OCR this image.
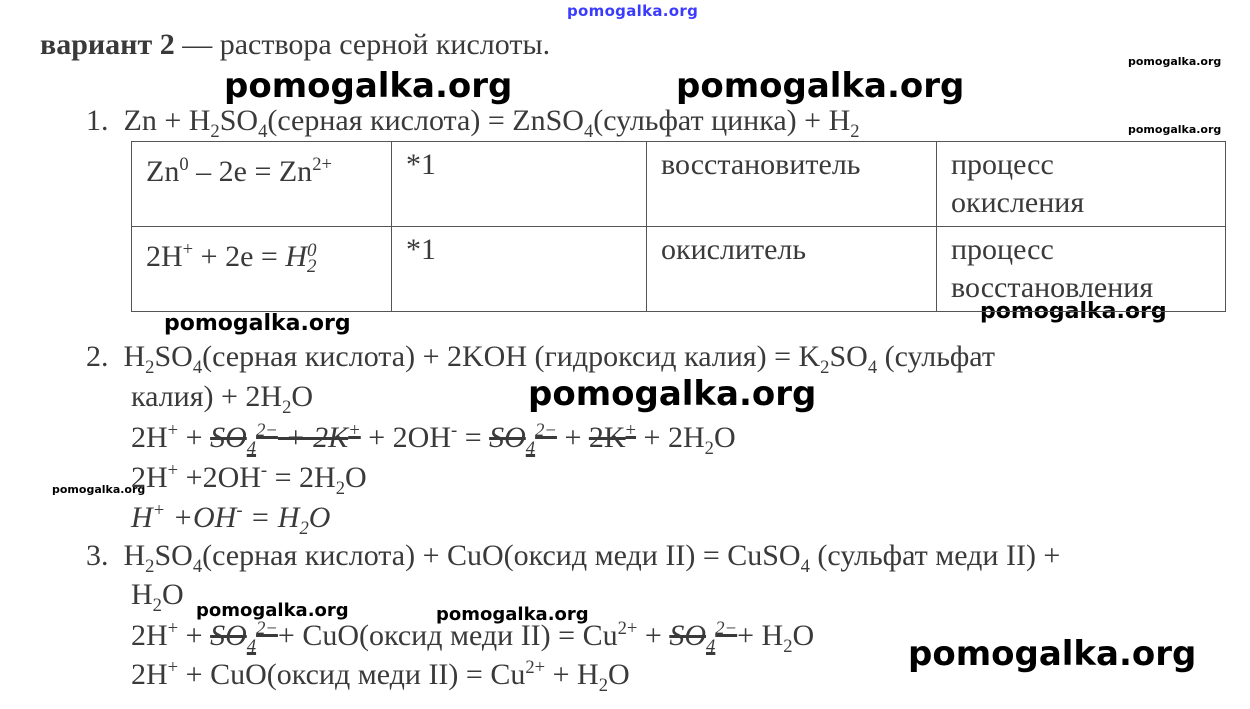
pomogalka.org
pomogalka.org	pomogalka.org
pomogalka.org
pomogalka.org
pomogalka.org	pomogalka.org
pomogalka.org
pomogalka.org
pomogalka.org	pomogalka.org
pomogalka.org
вариант 2 — раствора серной кислоты.
1. $Zn + H_2SO_4(серная$ кислота) = ZnSO$_4$(сульфат цинка) + $H_2$
$Zn^0 - 2e = Zn^{2+}$	*1	восстановитель	процесс
окисления
2H+ + 2e = H 0
2	*1	окислитель	процесс
восстановления
2. $H_2SO_4(серная$ кислота) + 2KOH (гидроксид калия) = $K_2SO_4$ (сульфат
калия) + $2H_2O$
$2H^+ + SO_4^{2-} + 2K^+ + 2OH^- = SO_4^{2-} + 2K^+ + 2H_2O$
$2H^+ +2OH^- = 2H_2O$
$H^+ +OH^- = H_2O$
3. $H_2SO_4(серная$ кислота) + CuO(оксид меди II) = CuSO$_4$ (сульфат меди II) +
$H_2O$
$2H^+ + SO_4^{2-}+$ CuO(оксид меди $II) = Cu^{2+} + SO_4^{2-}+ H_2O$
2H+ + CuO(оксид меди $II) = Cu^{2+} + H_2O$
